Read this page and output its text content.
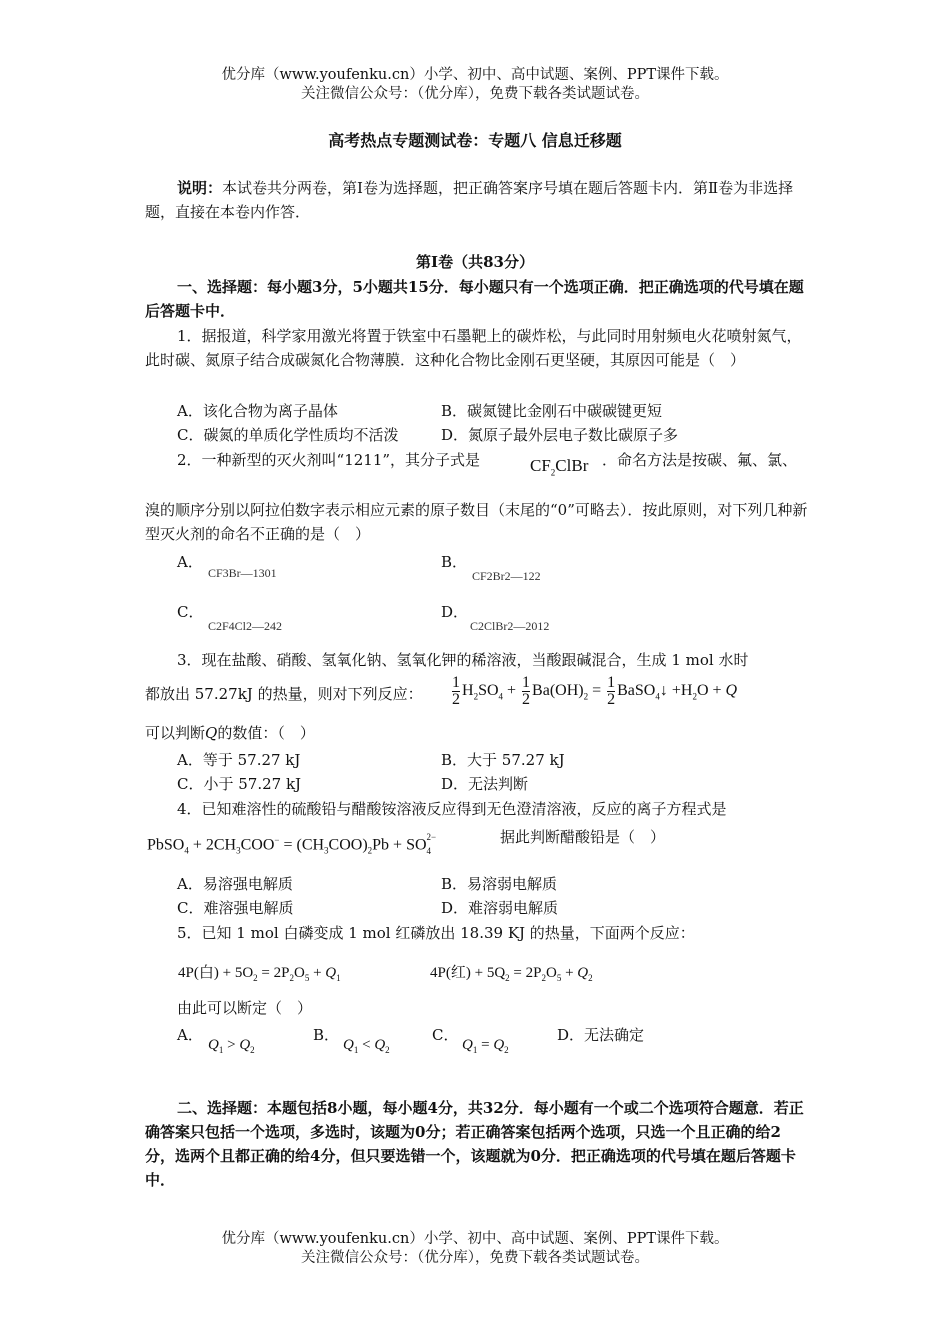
优分库（www.youfenku.cn）小学、初中、高中试题、案例、PPT课件下载。
关注微信公众号：（优分库），免费下载各类试题试卷。
高考热点专题测试卷：专题八 信息迁移题
说明：本试卷共分两卷，第Ⅰ卷为选择题，把正确答案序号填在题后答题卡内．第Ⅱ卷为非选择题，直接在本卷内作答．
第Ⅰ卷（共83分）
一、选择题：每小题3分，5小题共15分．每小题只有一个选项正确．把正确选项的代号填在题后答题卡中．
1．据报道，科学家用激光将置于铁室中石墨靶上的碳炸松，与此同时用射频电火花喷射氮气，此时碳、氮原子结合成碳氮化合物薄膜．这种化合物比金刚石更坚硬，其原因可能是（　）
A．该化合物为离子晶体	B．碳氮键比金刚石中碳碳键更短
C．碳氮的单质化学性质均不活泼	D．氮原子最外层电子数比碳原子多
2．一种新型的灭火剂叫“1211”，其分子式是	$CF_2ClBr$ ．命名方法是按碳、氟、氯、
溴的顺序分别以阿拉伯数字表示相应元素的原子数目（末尾的“0”可略去）．按此原则，对下列几种新型灭火剂的命名不正确的是（　）
A．
CF3Br—1301
B．
CF2Br2—122
C．
C2F4Cl2—242
D．
C2ClBr2—2012
3．现在盐酸、硝酸、氢氧化钠、氢氧化钾的稀溶液，当酸跟碱混合，生成 1 mol 水时
都放出 57.27kJ 的热量，则对下列反应： $\frac{1}{2} H_2SO_4 + \frac{1}{2} Ba(OH)_2 = \frac{1}{2}$ BaSO$_4$↓ $+H_2O + Q$
可以判断Q的数值：（　）
A．等于 57.27 kJ	B．大于 57.27 kJ
C．小于 57.27 kJ	D．无法判断
4．已知难溶性的硫酸铅与醋酸铵溶液反应得到无色澄清溶液，反应的离子方程式是
PbSO$_4$ + $2CH_3COO^- = (CH_3COO)_2Pb$ + SO $_{2- 4}$
据此判断醋酸铅是（　）
A．易溶强电解质	B．易溶弱电解质
C．难溶强电解质	D．难溶弱电解质
5．已知 1 mol 白磷变成 1 mol 红磷放出 18.39 KJ 的热量，下面两个反应：
4P(白) + $5O_2 = 2P_2O_5 + Q_1$	4P(红) + $5Q_2 = 2P_2O_5 + Q_2$
由此可以断定（　）
A．
$Q_1 > Q_2$
B．
$Q_1 < Q_2$
C．
$Q_1 = Q_2$
D．无法确定
二、选择题：本题包括8小题，每小题4分，共32分．每小题有一个或二个选项符合题意．若正确答案只包括一个选项，多选时，该题为0分；若正确答案包括两个选项，只选一个且正确的给2分，选两个且都正确的给4分，但只要选错一个，该题就为0分．把正确选项的代号填在题后答题卡中．
优分库（www.youfenku.cn）小学、初中、高中试题、案例、PPT课件下载。
关注微信公众号：（优分库），免费下载各类试题试卷。
